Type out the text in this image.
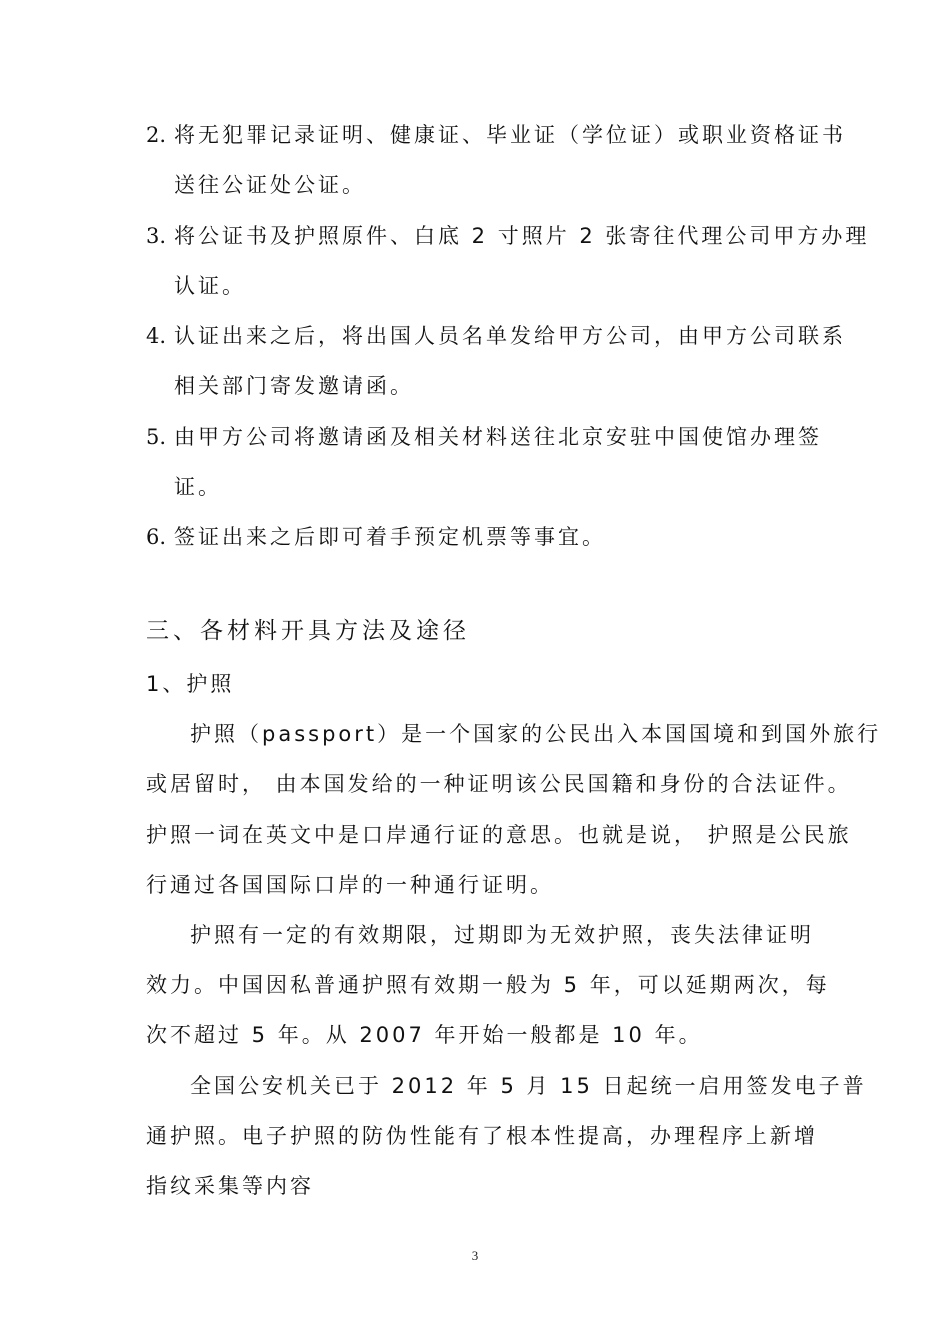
2. 将无犯罪记录证明、健康证、毕业证（学位证）或职业资格证书
送往公证处公证。
3. 将公证书及护照原件、白底 2 寸照片 2 张寄往代理公司甲方办理
认证。
4. 认证出来之后，将出国人员名单发给甲方公司，由甲方公司联系
相关部门寄发邀请函。
5. 由甲方公司将邀请函及相关材料送往北京安驻中国使馆办理签
证。
6. 签证出来之后即可着手预定机票等事宜。
三、各材料开具方法及途径
1、护照
护照（passport）是一个国家的公民出入本国国境和到国外旅行
或居留时， 由本国发给的一种证明该公民国籍和身份的合法证件。
护照一词在英文中是口岸通行证的意思。也就是说， 护照是公民旅
行通过各国国际口岸的一种通行证明。
护照有一定的有效期限，过期即为无效护照，丧失法律证明
效力。中国因私普通护照有效期一般为 5 年，可以延期两次，每
次不超过 5 年。从 2007 年开始一般都是 10 年。
全国公安机关已于 2012 年 5 月 15 日起统一启用签发电子普
通护照。电子护照的防伪性能有了根本性提高，办理程序上新增
指纹采集等内容
3
